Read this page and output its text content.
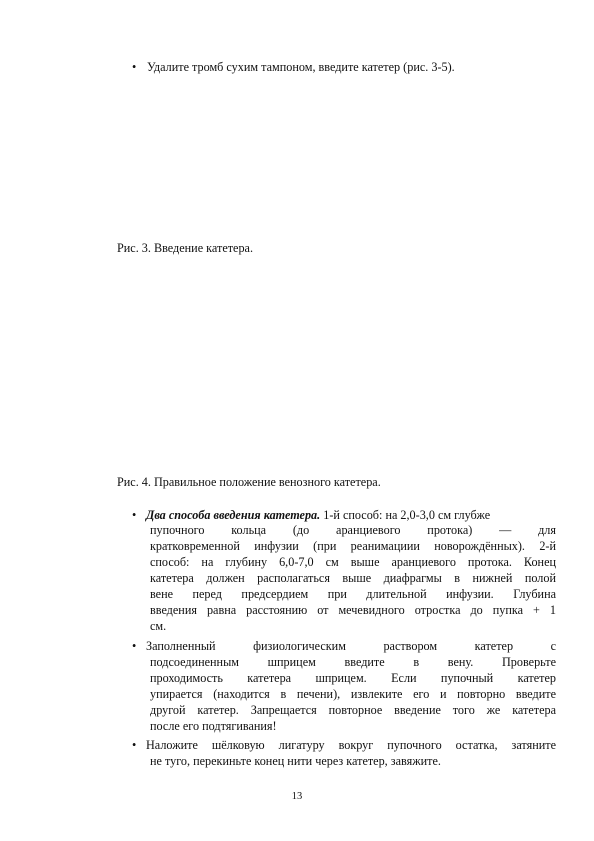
• Удалите тромб сухим тампоном, введите катетер (рис. 3-5).
Рис. 3. Введение катетера.
Рис. 4. Правильное положение венозного катетера.
• Два способа введения катетера. 1-й способ: на 2,0-3,0 см глубже
пупочного кольца (до аранциевого протока) — для
кратковременной инфузии (при реанимациии новорождённых). 2-й
способ: на глубину 6,0-7,0 см выше аранциевого протока. Конец
катетера должен располагаться выше диафрагмы в нижней полой
вене перед предсердием при длительной инфузии. Глубина
введения равна расстоянию от мечевидного отростка до пупка + 1
см.
• Заполненный физиологическим раствором катетер с
подсоединенным шприцем введите в вену. Проверьте
проходимость катетера шприцем. Если пупочный катетер
упирается (находится в печени), извлеките его и повторно введите
другой катетер. Запрещается повторное введение того же катетера
после его подтягивания!
• Наложите шёлковую лигатуру вокруг пупочного остатка, затяните
не туго, перекиньте конец нити через катетер, завяжите.
13
